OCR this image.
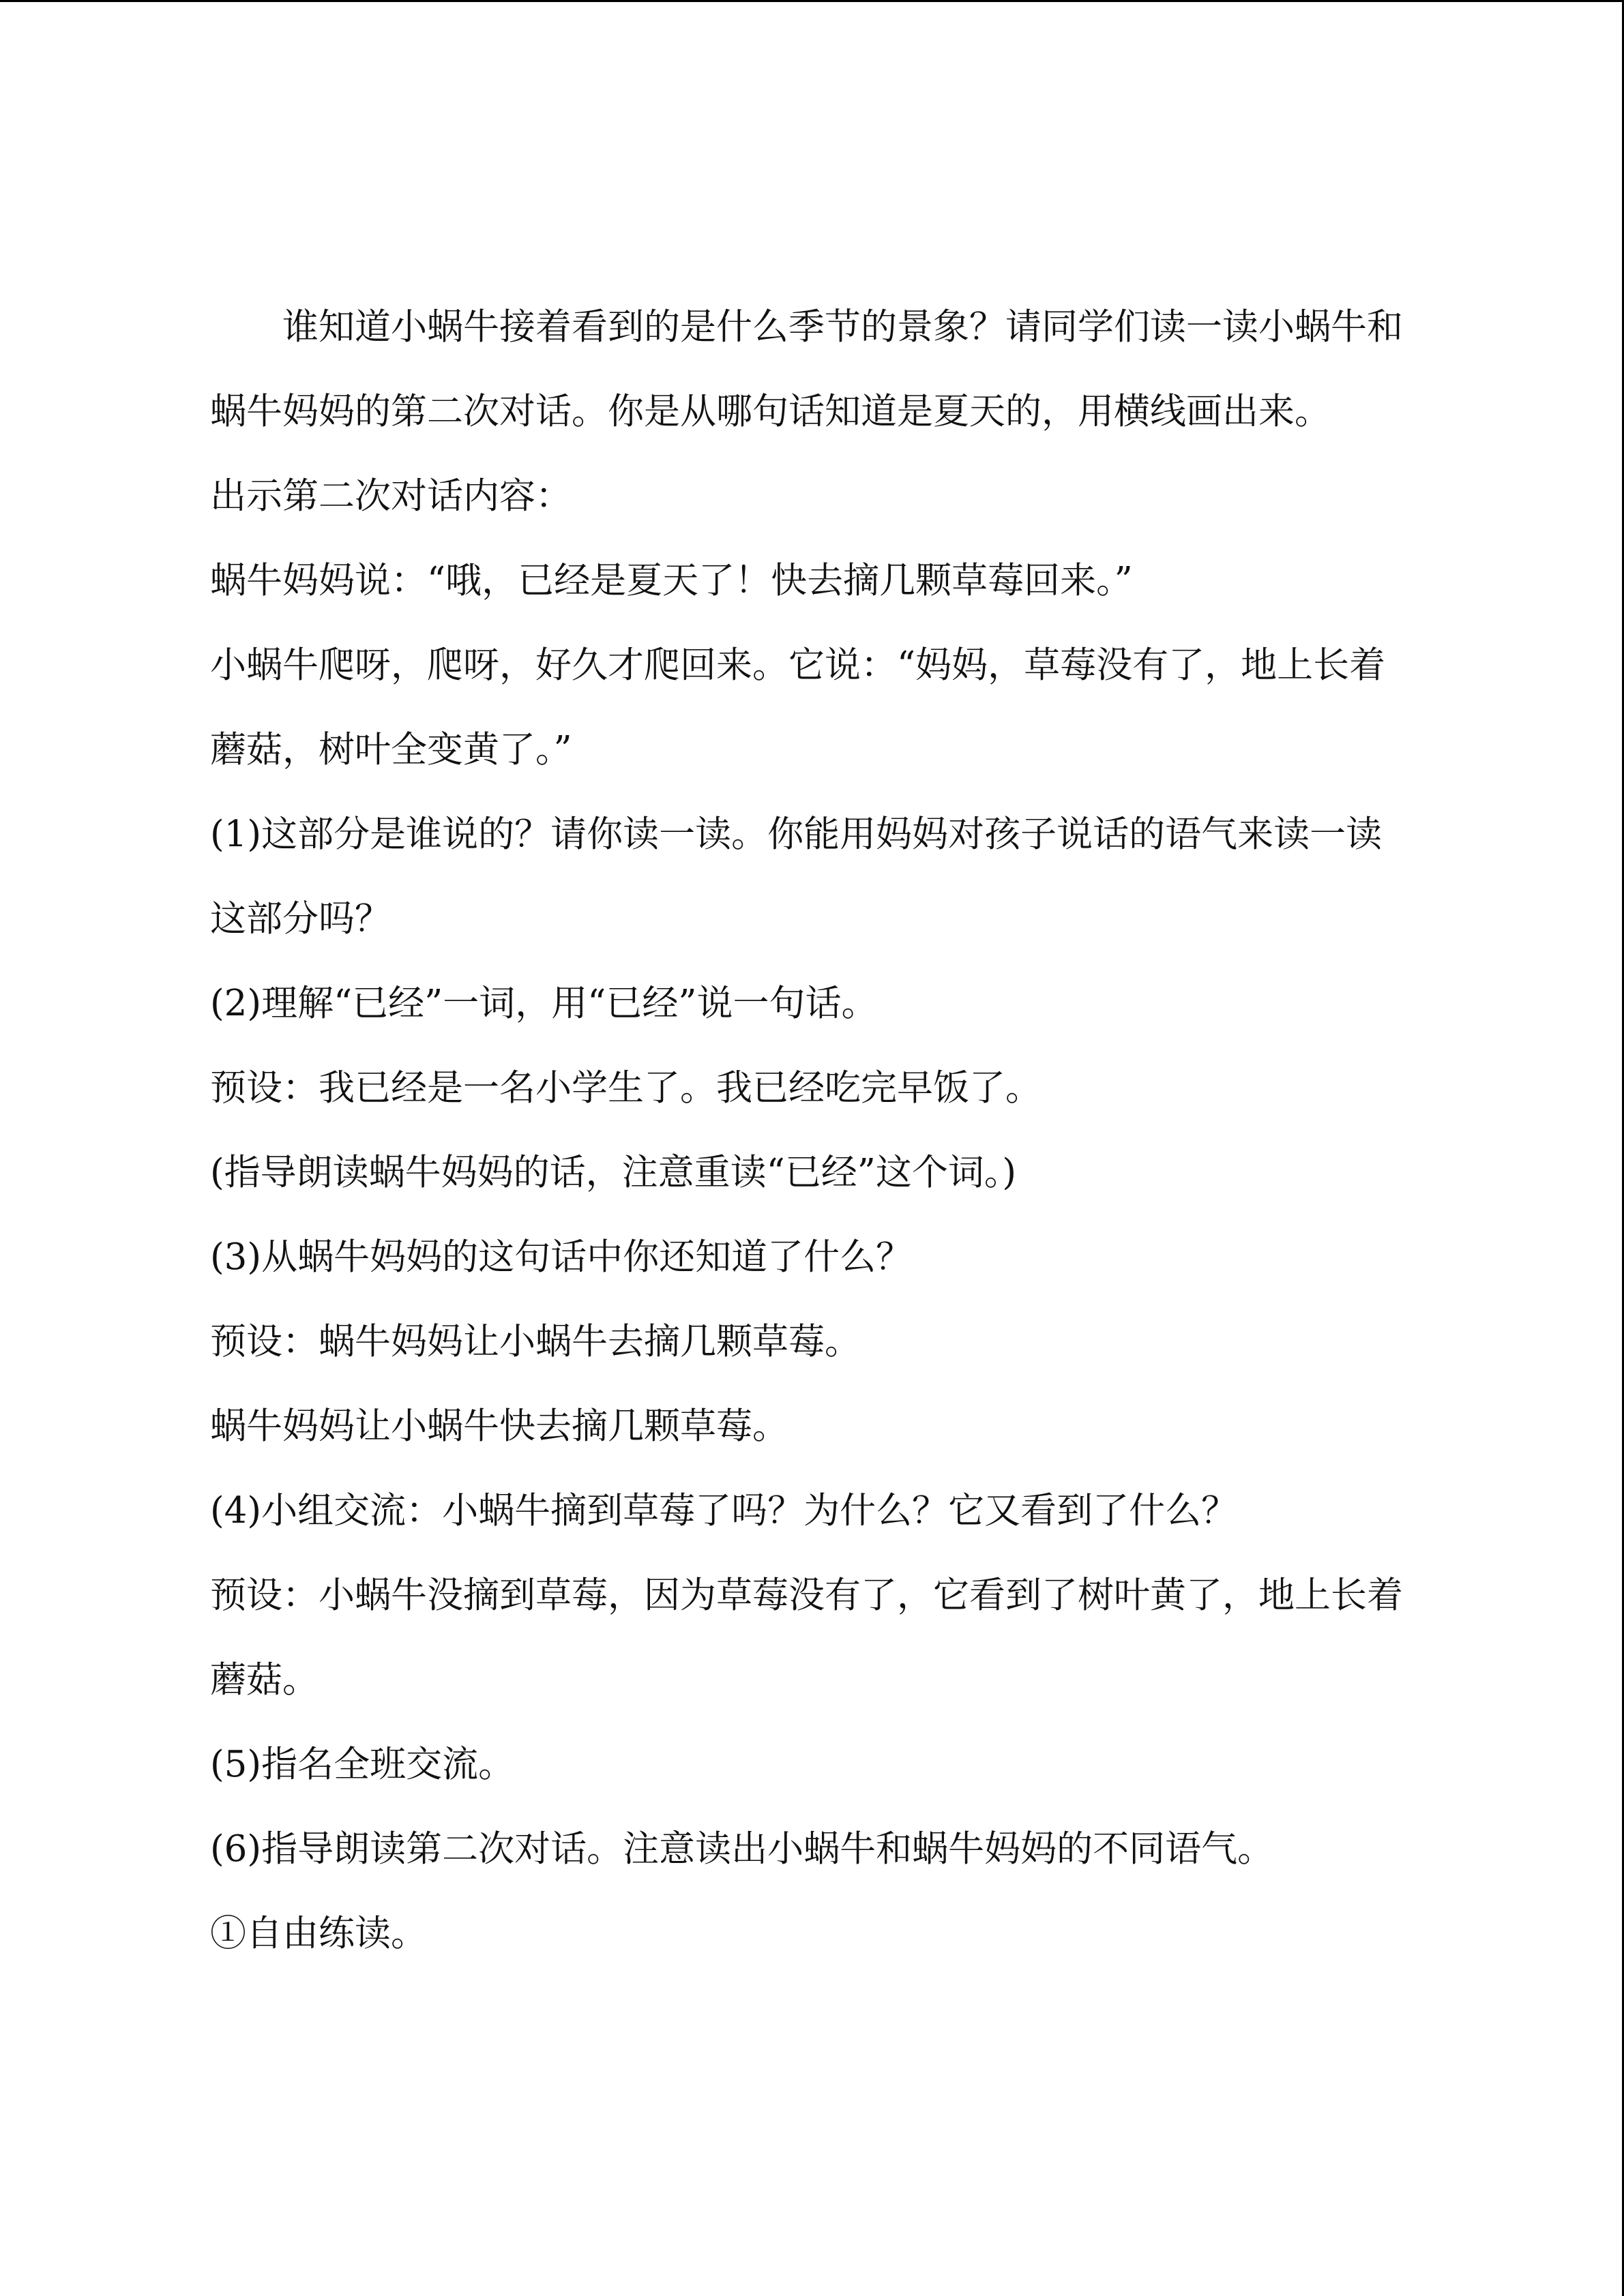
谁知道小蜗牛接着看到的是什么季节的景象？请同学们读一读小蜗牛和蜗牛妈妈的第二次对话。你是从哪句话知道是夏天的，用横线画出来。

出示第二次对话内容：

蜗牛妈妈说：“哦，已经是夏天了！快去摘几颗草莓回来。”

小蜗牛爬呀，爬呀，好久才爬回来。它说：“妈妈，草莓没有了，地上长着蘑菇，树叶全变黄了。”

(1)这部分是谁说的？请你读一读。你能用妈妈对孩子说话的语气来读一读这部分吗？

(2)理解“已经”一词，用“已经”说一句话。

预设：我已经是一名小学生了。我已经吃完早饭了。

(指导朗读蜗牛妈妈的话，注意重读“已经”这个词。)

(3)从蜗牛妈妈的这句话中你还知道了什么？

预设：蜗牛妈妈让小蜗牛去摘几颗草莓。

蜗牛妈妈让小蜗牛快去摘几颗草莓。

(4)小组交流：小蜗牛摘到草莓了吗？为什么？它又看到了什么？

预设：小蜗牛没摘到草莓，因为草莓没有了，它看到了树叶黄了，地上长着蘑菇。

(5)指名全班交流。

(6)指导朗读第二次对话。注意读出小蜗牛和蜗牛妈妈的不同语气。

①自由练读。
